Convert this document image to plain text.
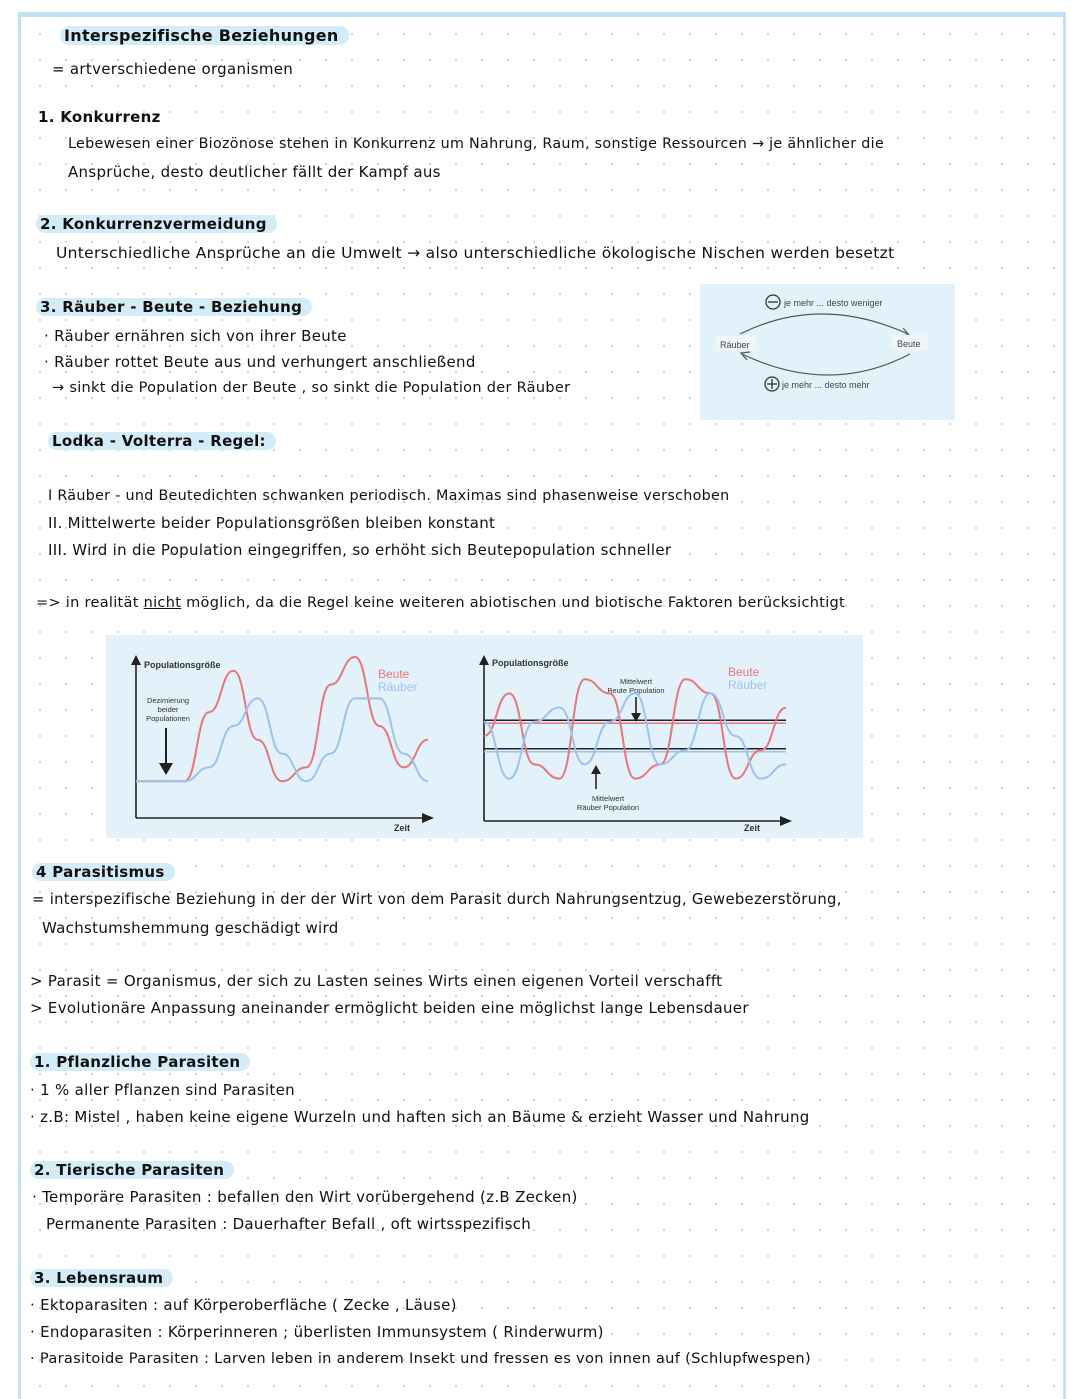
Interspezifische Beziehungen
= artverschiedene organismen
1. Konkurrenz
Lebewesen einer Biozönose stehen in Konkurrenz um Nahrung, Raum, sonstige Ressourcen → je ähnlicher die
Ansprüche, desto deutlicher fällt der Kampf aus
2. Konkurrenzvermeidung
Unterschiedliche Ansprüche an die Umwelt → also unterschiedliche ökologische Nischen werden besetzt
3. Räuber - Beute - Beziehung
· Räuber ernähren sich von ihrer Beute
· Räuber rottet Beute aus und verhungert anschließend
→ sinkt die Population der Beute , so sinkt die Population der Räuber
je mehr ... desto weniger
Räuber	Beute
je mehr ... desto mehr
Lodka - Volterra - Regel:
I Räuber - und Beutedichten schwanken periodisch. Maximas sind phasenweise verschoben
II. Mittelwerte beider Populationsgrößen bleiben konstant
III. Wird in die Population eingegriffen, so erhöht sich Beutepopulation schneller
=> in realität nicht möglich, da die Regel keine weiteren abiotischen und biotische Faktoren berücksichtigt
Populationsgröße
Zeit
Beute
Räuber
Dezimierung
beider
Populationen
Populationsgröße
Zeit
Beute
Räuber
Mittelwert
Beute Population
Mittelwert
Räuber Population
4 Parasitismus
= interspezifische Beziehung in der der Wirt von dem Parasit durch Nahrungsentzug, Gewebezerstörung,
Wachstumshemmung geschädigt wird
> Parasit = Organismus, der sich zu Lasten seines Wirts einen eigenen Vorteil verschafft
> Evolutionäre Anpassung aneinander ermöglicht beiden eine möglichst lange Lebensdauer
1. Pflanzliche Parasiten
· 1 % aller Pflanzen sind Parasiten
· z.B: Mistel , haben keine eigene Wurzeln und haften sich an Bäume & erzieht Wasser und Nahrung
2. Tierische Parasiten
· Temporäre Parasiten : befallen den Wirt vorübergehend (z.B Zecken)
Permanente Parasiten : Dauerhafter Befall , oft wirtsspezifisch
3. Lebensraum
· Ektoparasiten : auf Körperoberfläche ( Zecke , Läuse)
· Endoparasiten : Körperinneren ; überlisten Immunsystem ( Rinderwurm)
· Parasitoide Parasiten : Larven leben in anderem Insekt und fressen es von innen auf (Schlupfwespen)
